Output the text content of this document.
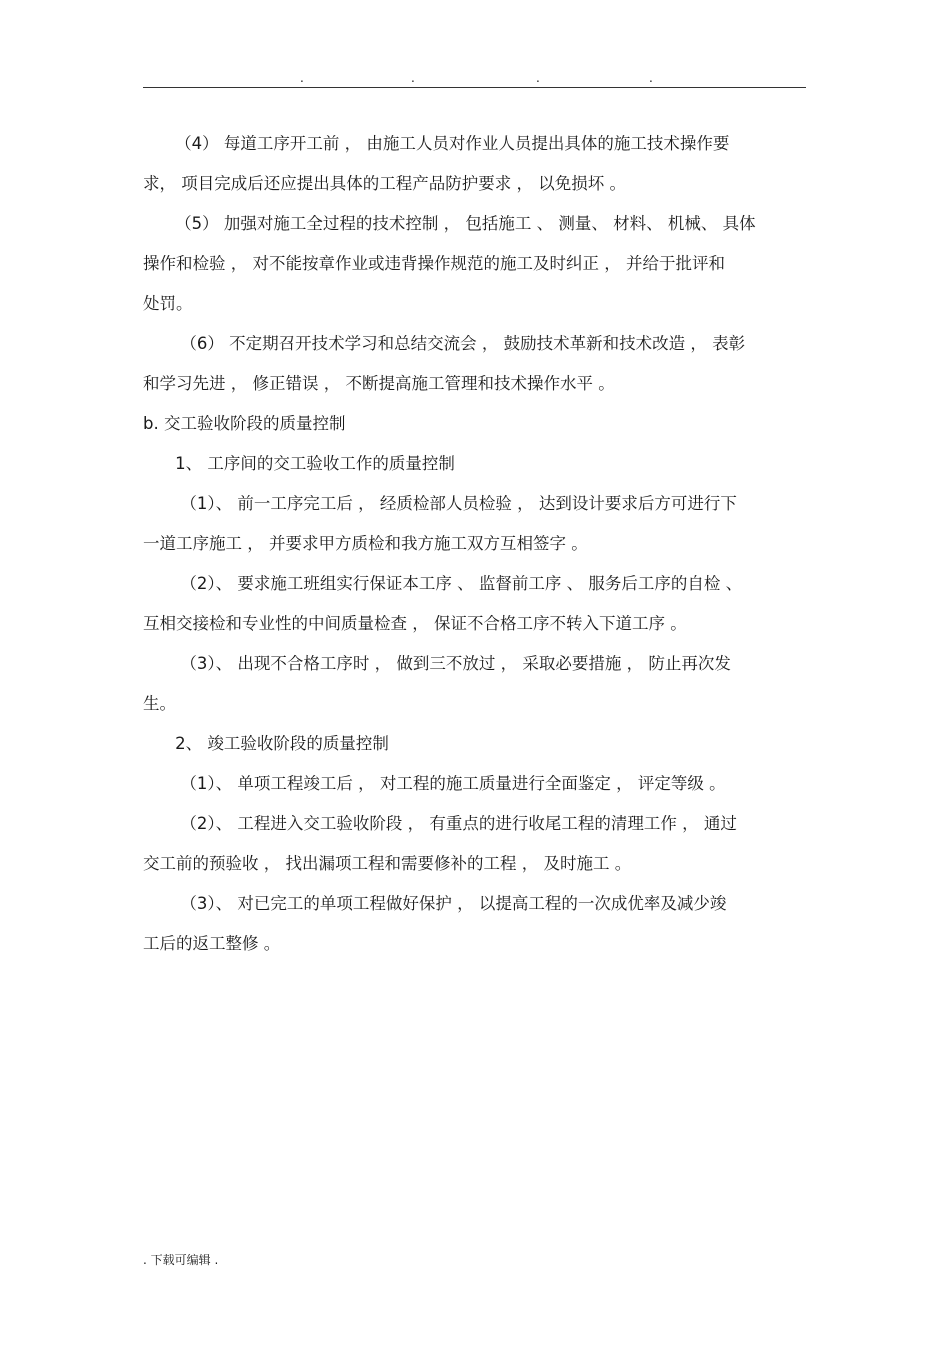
.	.	.	.

（4） 每道工序开工前 ， 由施工人员对作业人员提出具体的施工技术操作要
求， 项目完成后还应提出具体的工程产品防护要求 ， 以免损坏 。

（5） 加强对施工全过程的技术控制 ， 包括施工 、 测量、 材料、 机械、 具体
操作和检验 ， 对不能按章作业或违背操作规范的施工及时纠正 ， 并给于批评和
处罚。

（6） 不定期召开技术学习和总结交流会 ， 鼓励技术革新和技术改造 ， 表彰
和学习先进 ， 修正错误 ， 不断提高施工管理和技术操作水平 。

b. 交工验收阶段的质量控制

1、 工序间的交工验收工作的质量控制

（1）、 前一工序完工后 ， 经质检部人员检验 ， 达到设计要求后方可进行下
一道工序施工 ， 并要求甲方质检和我方施工双方互相签字 。

（2）、 要求施工班组实行保证本工序 、 监督前工序 、 服务后工序的自检 、
互相交接检和专业性的中间质量检查 ， 保证不合格工序不转入下道工序 。

（3）、 出现不合格工序时 ， 做到三不放过 ， 采取必要措施 ， 防止再次发
生。

2、 竣工验收阶段的质量控制

（1）、 单项工程竣工后 ， 对工程的施工质量进行全面鉴定 ， 评定等级 。

（2）、 工程进入交工验收阶段 ， 有重点的进行收尾工程的清理工作 ， 通过
交工前的预验收 ， 找出漏项工程和需要修补的工程 ， 及时施工 。

（3）、 对已完工的单项工程做好保护 ， 以提高工程的一次成优率及减少竣
工后的返工整修 。

. 下载可编辑 .
